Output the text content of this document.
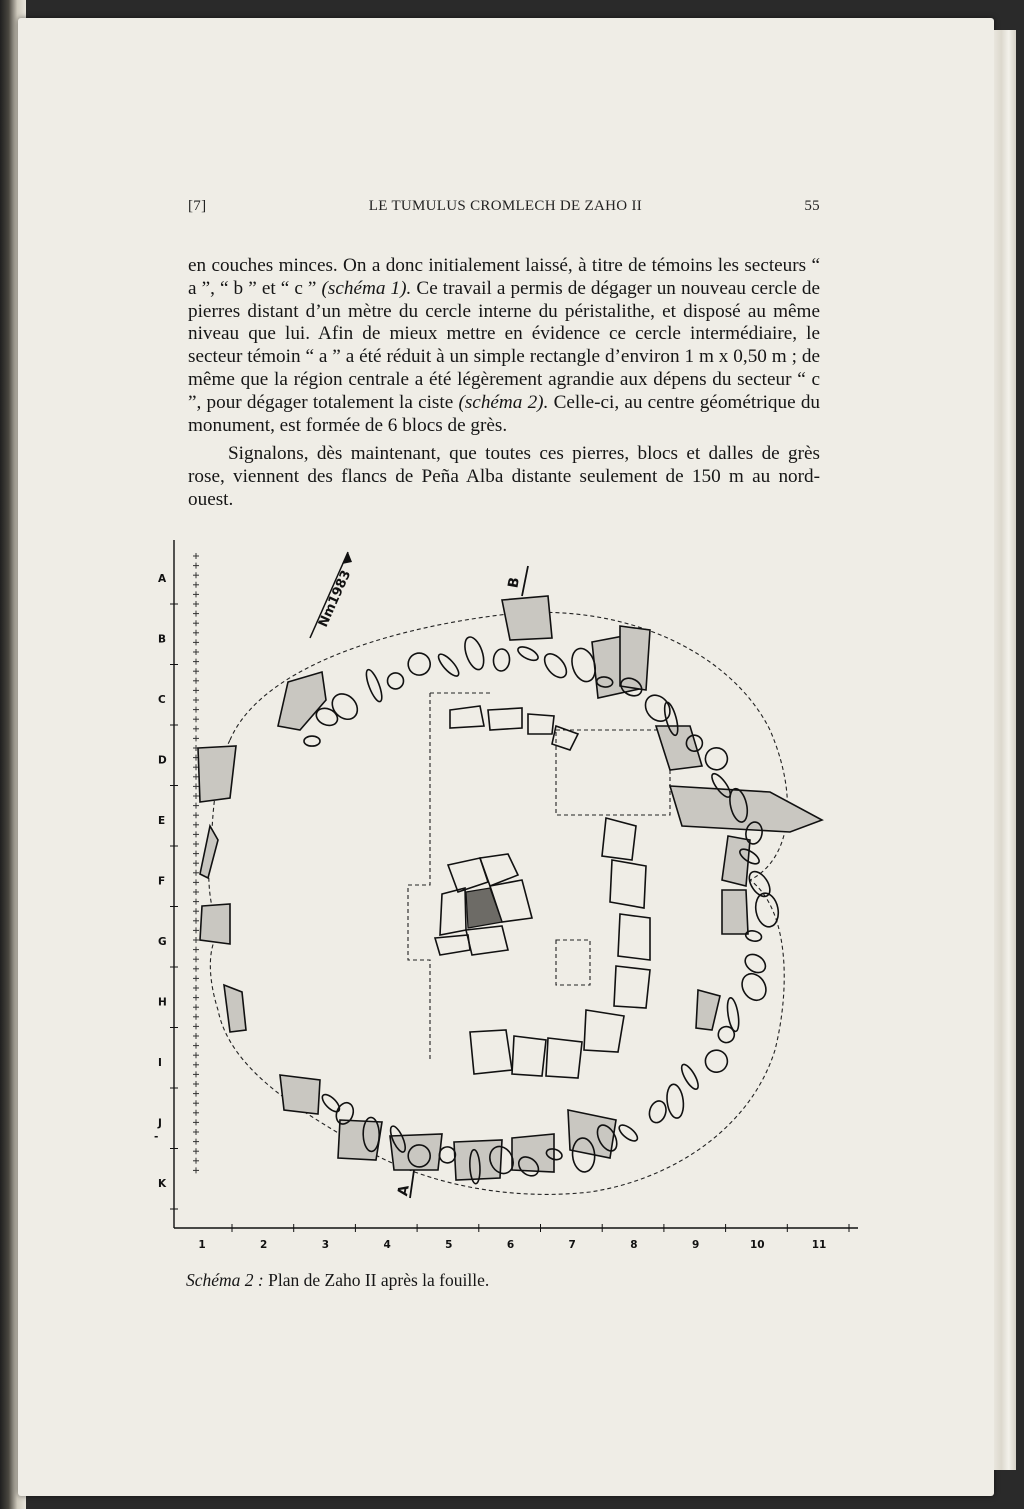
[7]	LE TUMULUS CROMLECH DE ZAHO II	55

en couches minces. On a donc initialement laissé, à titre de témoins les secteurs “ a ”, “ b ” et “ c ” (schéma 1). Ce travail a permis de dégager un nouveau cercle de pierres distant d’un mètre du cercle interne du péristalithe, et disposé au même niveau que lui. Afin de mieux mettre en évidence ce cercle intermédiaire, le secteur témoin “ a ” a été réduit à un simple rectangle d’environ 1 m x 0,50 m ; de même que la région centrale a été légèrement agrandie aux dépens du secteur “ c ”, pour dégager totalement la ciste (schéma 2). Celle-ci, au centre géométrique du monument, est formée de 6 blocs de grès.

Signalons, dès maintenant, que toutes ces pierres, blocs et dalles de grès rose, viennent des flancs de Peña Alba distante seulement de 150 m au nord-ouest.

A
B
C
D
E
F
G
H
I
J
K
1	2	3	4	5	6	7	8	9	10	11
Nm1983	B
A
-
Schéma 2 : Plan de Zaho II après la fouille.
